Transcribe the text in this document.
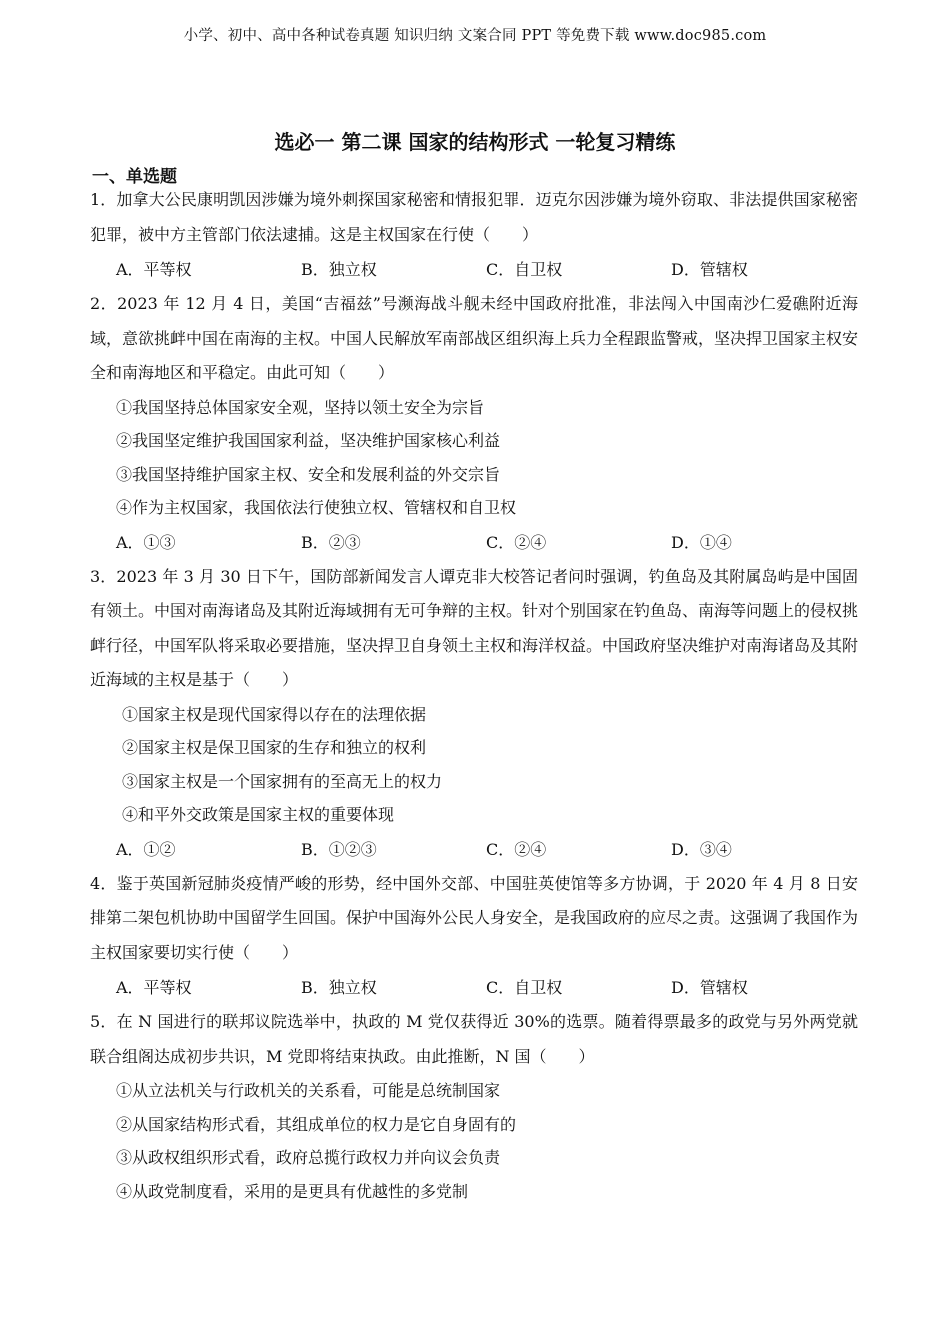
小学、初中、高中各种试卷真题 知识归纳 文案合同 PPT 等免费下载 www.doc985.com
选必一 第二课 国家的结构形式 一轮复习精练
一、单选题

1．加拿大公民康明凯因涉嫌为境外刺探国家秘密和情报犯罪．迈克尔因涉嫌为境外窃取、非法提供国家秘密犯罪，被中方主管部门依法逮捕。这是主权国家在行使（　　）

A．平等权	B．独立权	C．自卫权	D．管辖权

2．2023 年 12 月 4 日，美国“吉福兹”号濒海战斗舰未经中国政府批准，非法闯入中国南沙仁爱礁附近海域，意欲挑衅中国在南海的主权。中国人民解放军南部战区组织海上兵力全程跟监警戒，坚决捍卫国家主权安全和南海地区和平稳定。由此可知（　　）

①我国坚持总体国家安全观，坚持以领土安全为宗旨

②我国坚定维护我国国家利益，坚决维护国家核心利益

③我国坚持维护国家主权、安全和发展利益的外交宗旨

④作为主权国家，我国依法行使独立权、管辖权和自卫权

A．①③	B．②③	C．②④	D．①④

3．2023 年 3 月 30 日下午，国防部新闻发言人谭克非大校答记者问时强调，钓鱼岛及其附属岛屿是中国固有领土。中国对南海诸岛及其附近海域拥有无可争辩的主权。针对个别国家在钓鱼岛、南海等问题上的侵权挑衅行径，中国军队将采取必要措施，坚决捍卫自身领土主权和海洋权益。中国政府坚决维护对南海诸岛及其附近海域的主权是基于（　　）

①国家主权是现代国家得以存在的法理依据

②国家主权是保卫国家的生存和独立的权利

③国家主权是一个国家拥有的至高无上的权力

④和平外交政策是国家主权的重要体现

A．①②	B．①②③	C．②④	D．③④

4．鉴于英国新冠肺炎疫情严峻的形势，经中国外交部、中国驻英使馆等多方协调，于 2020 年 4 月 8 日安排第二架包机协助中国留学生回国。保护中国海外公民人身安全，是我国政府的应尽之责。这强调了我国作为主权国家要切实行使（　　）

A．平等权	B．独立权	C．自卫权	D．管辖权

5．在 N 国进行的联邦议院选举中，执政的 M 党仅获得近 30%的选票。随着得票最多的政党与另外两党就联合组阁达成初步共识，M 党即将结束执政。由此推断，N 国（　　）

①从立法机关与行政机关的关系看，可能是总统制国家

②从国家结构形式看，其组成单位的权力是它自身固有的

③从政权组织形式看，政府总揽行政权力并向议会负责

④从政党制度看，采用的是更具有优越性的多党制
